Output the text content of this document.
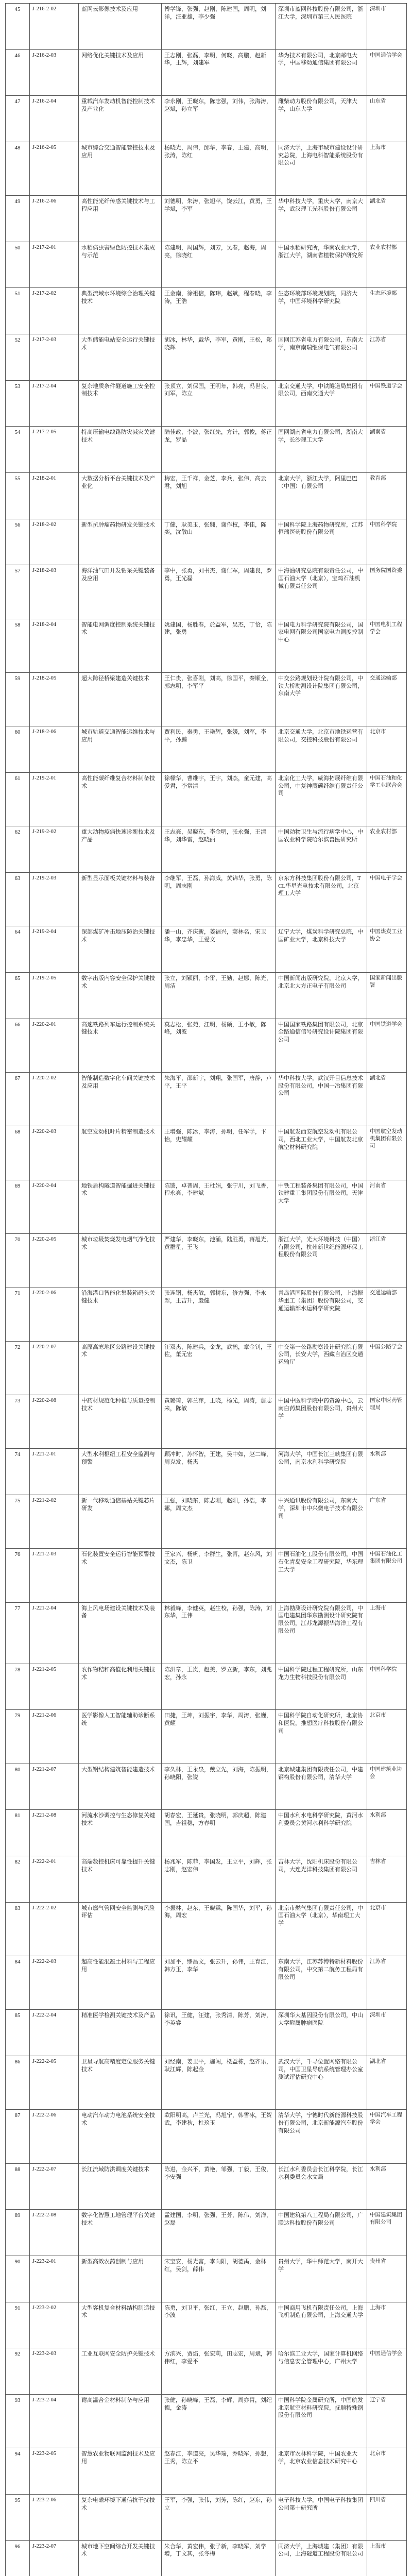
45	J-216-2-02	蓝网云影像技术及应用	傅学锋，张强，赵刚，陈建国，周明，刘洋，汪亚雄，李少强	深圳市蓝网科技股份有限公司，浙江大学，深圳市第三人民医院	深圳市
46	J-216-2-03	网络优化关键技术及应用	王志刚，张磊，李明，何晓，高鹏，赵新华，王辉，刘建军	华为技术有限公司，北京邮电大学，中国移动通信集团有限公司	中国通信学会
47	J-216-2-04	重载汽车发动机智能控制技术及产业化	李永刚，王晓东，陈志强，刘伟，张海涛，赵斌，孙立军	潍柴动力股份有限公司，天津大学，山东大学	山东省
48	J-216-2-05	城市综合交通智能管控技术及应用	杨晓光，周伟，邱华，李春，王建，高明，张涛，陈红	同济大学，上海市城市建设设计研究总院，上海电科智能系统股份有限公司	上海市
49	J-216-2-06	高性能光纤传感关键技术与工程应用	刘德明，朱涛，张旭苹，饶云江，黄勇，王学斌，李军	华中科技大学，重庆大学，南京大学，武汉理工光科股份有限公司	湖北省
50	J-217-2-01	水稻病虫害绿色防控技术集成与示范	陈建明，周国辉，刘芳，吴春，赵海，周亮，徐晓红	中国水稻研究所，华南农业大学，浙江大学，湖南省植物保护研究所	农业农村部
51	J-217-2-02	典型流域水环境综合治理关键技术	王金南，徐祖信，陈玮，赵斌，程春晓，李涛，王浩	生态环境部环境规划院，同济大学，中国环境科学研究院	生态环境部
52	J-217-2-03	大型储能电站安全运行关键技术	胡冰，林华，戴华，李军，黄刚，王松，郑晓辉	国网江苏省电力有限公司，东南大学，南京南瑞继保电气有限公司	江苏省
53	J-217-2-04	复杂地质条件隧道施工安全控制技术	张顶立，刘保国，王明年，韩亮，冯世良，刘军，陈立	北京交通大学，中铁隧道局集团有限公司，西南交通大学	中国铁道学会
54	J-217-2-05	特高压输电线路防灾减灾关键技术	陆佳政，李波，张红先，方针，郭俊，蒋正龙，罗晶	国网湖南省电力有限公司，湖南大学，长沙理工大学	湖南省
55	J-218-2-01	大数据分析平台关键技术及产业化	梅宏，王千祥，金芝，李兵，张伟，高云君，刘旭	北京大学，浙江大学，阿里巴巴（中国）有限公司	教育部
56	J-218-2-02	新型抗肿瘤药物研发关键技术	丁健，耿美玉，张翱，谢作权，李佳，陈奕，沈敬山	中国科学院上海药物研究所，江苏恒瑞医药股份有限公司	中国科学院
57	J-218-2-03	海洋油气田开发钻采关键装备及应用	李中，张勇，刘书杰，谢仁军，周建良，罗勇，王光磊	中海油研究总院有限责任公司，中国石油大学（北京），宝鸡石油机械有限责任公司	国务院国资委
58	J-218-2-04	智能电网调度控制系统关键技术	姚建国，杨胜春，於益军，吴杰，丁恰，陈建，张勇	中国电力科学研究院有限公司，国家电网有限公司国家电力调度控制中心	中国电机工程学会
59	J-218-2-05	超大跨径桥梁建造关键技术	王仁贵，张喜刚，刘高，徐国平，秦顺全，郭志明，李军平	中交公路规划设计院有限公司，中铁大桥勘测设计院集团有限公司，东南大学	交通运输部
60	J-218-2-06	城市轨道交通智能运维技术与应用	贾利民，秦勇，王艳辉，张媛，刘军，李平，孙鹏	北京交通大学，北京市地铁运营有限公司，交控科技股份有限公司	北京市
61	J-219-2-01	高性能碳纤维复合材料制备技术	徐樑华，曹维宇，王宇，刘杰，童元建，高爱君，李常清	北京化工大学，威海拓展纤维有限公司，中复神鹰碳纤维有限责任公司	中国石油和化学工业联合会
62	J-219-2-02	重大动物疫病快速诊断技术及产品	王志亮，吴晓东，李金明，张永强，王清华，刘华雷，赵晓丽	中国动物卫生与流行病学中心，中国农业科学院哈尔滨兽医研究所	农业农村部
63	J-219-2-03	新型显示面板关键材料与装备	李继军，王磊，孙海威，黄锦华，张勇，陈明，周志刚	京东方科技集团股份有限公司，TCL华星光电技术有限公司，北京理工大学	中国电子学会
64	J-219-2-04	深部煤矿冲击地压防治关键技术	潘一山，齐庆新，姜福兴，窦林名，宋卫华，李忠华，王爱文	辽宁大学，煤炭科学研究总院，中国矿业大学，北京科技大学	中国煤炭工业协会
65	J-219-2-05	数字出版内容安全保护关键技术	张立，刘颖丽，李雷，王勤，赵娜，陈光，周洁	中国新闻出版研究院，北京大学，北京北大方正电子有限公司	国家新闻出版署
66	J-220-2-01	高速铁路列车运行控制系统关键技术	莫志松，张苑，江明，杨硕，王小敏，陈峰，刘波	中国国家铁路集团有限公司，北京全路通信信号研究设计院集团有限公司	中国铁道学会
67	J-220-2-02	智能制造数字化车间关键技术及应用	朱海平，邵新宇，刘翔，张国军，唐静，卢平，王平	华中科技大学，武汉开目信息技术股份有限公司，中国一冶集团有限公司	湖北省
68	J-220-2-03	航空发动机叶片精密制造技术	王增强，陈冰，李涛，孙明，任军学，卞怡，史耀耀	中国航发西安航空发动机有限公司，西北工业大学，中国航发北京航空材料研究院	中国航空发动机集团有限公司
69	J-220-2-04	地铁盾构隧道智能掘进关键技术	陈馈，卓普周，王杜娟，张宁川，刘飞香，程永亮，李建斌	中铁工程装备集团有限公司，中国铁建重工集团股份有限公司，天津大学	河南省
70	J-220-2-05	城市垃圾焚烧发电烟气净化技术	严建华，李晓东，池涌，陆胜勇，蒋旭光，黄群星，王飞	浙江大学，光大环境科技（中国）有限公司，杭州新世纪能源环保工程股份有限公司	浙江省
71	J-220-2-06	沿海港口智能化集装箱码头关键技术	张连钢，杨杰敏，郭树东，修方强，李永翠，王吉升，殷健	青岛港国际股份有限公司，上海振华重工（集团）股份有限公司，交通运输部水运科学研究院	交通运输部
72	J-220-2-07	高原高寒地区公路建设关键技术	汪双杰，陈建兵，金龙，武鹤，章金钊，王佐，董元宏	中交第一公路勘察设计研究院有限公司，长安大学，西藏自治区交通运输厅	中国公路学会
73	J-220-2-08	中药材规范化种植与质量控制技术	黄璐琦，郭兰萍，王晓，杨光，周涛，詹志来，陈敏	中国中医科学院中药资源中心，云南白药集团股份有限公司，贵州大学	国家中医药管理局
74	J-221-2-01	大型水利枢纽工程安全监测与预警	顾冲时，苏怀智，王建，吴中如，赵二峰，周克发，杨杰	河海大学，中国长江三峡集团有限公司，南京水利科学研究院	水利部
75	J-221-2-02	新一代移动通信基站关键芯片研发	王强，刘晓东，陈志刚，赵阳，孙浩，李娜，周文杰	中兴通讯股份有限公司，东南大学，深圳市中兴微电子技术有限公司	广东省
76	J-221-2-03	石化装置安全运行智能预警技术	王家兴，杨帆，李群生，张青，赵东风，刘文杰，陈卫	中国石油化工股份有限公司，中国石化青岛安全工程研究院，华东理工大学	中国石油化工集团有限公司
77	J-221-2-04	海上风电场建设关键技术及装备	林毅峰，李健英，赵生校，孙强，陈涛，刘东华，王伟	上海勘测设计研究院有限公司，中国电建集团华东勘测设计研究院有限公司，江苏龙源振华海洋工程有限公司	上海市
78	J-221-2-05	农作物秸秆高值化利用关键技术	陈洪章，王岚，赵美，罗立新，李东，刘兆宏，孙永	中国科学院过程工程研究所，山东龙力生物科技股份有限公司	中国科学院
79	J-221-2-06	医学影像人工智能辅助诊断系统	田捷，王坤，刘振宇，李华，周涛，张巍，黄耀	中国科学院自动化研究所，北京协和医院，推想医疗科技股份有限公司	北京市
80	J-221-2-07	大型钢结构建筑智能建造技术	李久林，王永泉，戴立先，刘海，陈振明，孙晓阳，张锐	北京城建集团有限责任公司，中建钢构股份有限公司，清华大学	中国建筑业协会
81	J-221-2-08	河流水沙调控与生态修复关键技术	胡春宏，王延贵，张晓明，郭庆超，陈建国，吉祖稳，方春明	中国水利水电科学研究院，黄河水利委员会黄河水利科学研究院	水利部
82	J-222-2-01	高端数控机床可靠性提升关键技术	杨兆军，陈菲，李国发，王立平，刘辉，张志刚，赵宏伟	吉林大学，沈阳机床股份有限公司，大连光洋科技集团有限公司	吉林省
83	J-222-2-02	城市燃气管网安全监测与风险评估	李振林，赵东，王晓霖，陈国华，刘平，孙海，周宏	北京市燃气集团有限责任公司，中国石油大学（北京），华南理工大学	北京市
84	J-222-2-03	超高性能混凝土材料与工程应用	刘加平，缪昌文，张云升，孙伟，王育江，韩方玉，李华	东南大学，江苏苏博特新材料股份有限公司，中交第二航务工程局有限公司	江苏省
85	J-222-2-04	精准医学检测关键技术及产品	徐讯，王健，汪建，张秀清，陈芳，刘涛，李英睿	深圳华大基因股份有限公司，中山大学附属肿瘤医院	深圳市
86	J-222-2-05	卫星导航高精度定位服务关键技术	刘经南，姜卫平，施闯，楼益栋，赵齐乐，耿江辉，陈起金	武汉大学，千寻位置网络有限公司，中国卫星导航系统管理办公室测试评估研究中心	湖北省
87	J-222-2-06	电动汽车动力电池系统安全技术	欧阳明高，卢兰光，冯旭宁，韩雪冰，王贺武，李建秋，杜玖玉	清华大学，宁德时代新能源科技股份有限公司，北京新能源汽车股份有限公司	中国汽车工程学会
88	J-222-2-07	长江流域防洪调度关键技术	陈进，金兴平，黄艳，邹强，丁毅，王俊，李安强	长江水利委员会长江科学院，长江水利委员会水文局	水利部
89	J-222-2-08	数字化智慧工地管理平台关键技术	孟建国，李明，张强，王芳，陈伟，刘洋，赵磊	中国建筑第八工程局有限公司，广联达科技股份有限公司	中国建筑集团有限公司
90	J-223-2-01	新型高效农药创制与应用	宋宝安，杨光富，李向阳，胡德禹，金林红，吴剑，薛伟	贵州大学，华中师范大学，南开大学	贵州省
91	J-223-2-02	大型客机复合材料结构制造技术	陈勇，刘卫平，张红，王立，赵鹏，孙磊，李波	中国商用飞机有限责任公司，上海飞机制造有限公司，上海交通大学	上海市
92	J-223-2-03	工业互联网安全防护关键技术	方滨兴，贾焰，张宏莉，田志宏，周斌，韩伟红，李爱平	哈尔滨工业大学，国家计算机网络与信息安全管理中心，广州大学	中国通信学会
93	J-223-2-04	耐高温合金材料制备与应用	张健，孙晓峰，王磊，李辉，周亦胄，刘纪德，金涛	中国科学院金属研究所，中国航发北京航空材料研究院，抚顺特殊钢股份有限公司	辽宁省
94	J-223-2-05	智慧农业物联网监测技术及应用	赵春江，李道亮，吴华瑞，乔晓军，孙想，王秀，陈立平	北京市农林科学院，中国农业大学，北京农业信息技术研究中心	北京市
95	J-223-2-06	复杂电磁环境下通信抗干扰技术	王军，李强，张伟，刘芳，陈红，赵东，孙立	电子科技大学，中国电子科技集团公司第十研究所	四川省
96	J-223-2-07	城市地下空间综合开发关键技术	朱合华，黄宏伟，张子新，李晓军，刘学增，丁文其，张冬梅	同济大学，上海城建（集团）有限公司，上海隧道工程股份有限公司	上海市
